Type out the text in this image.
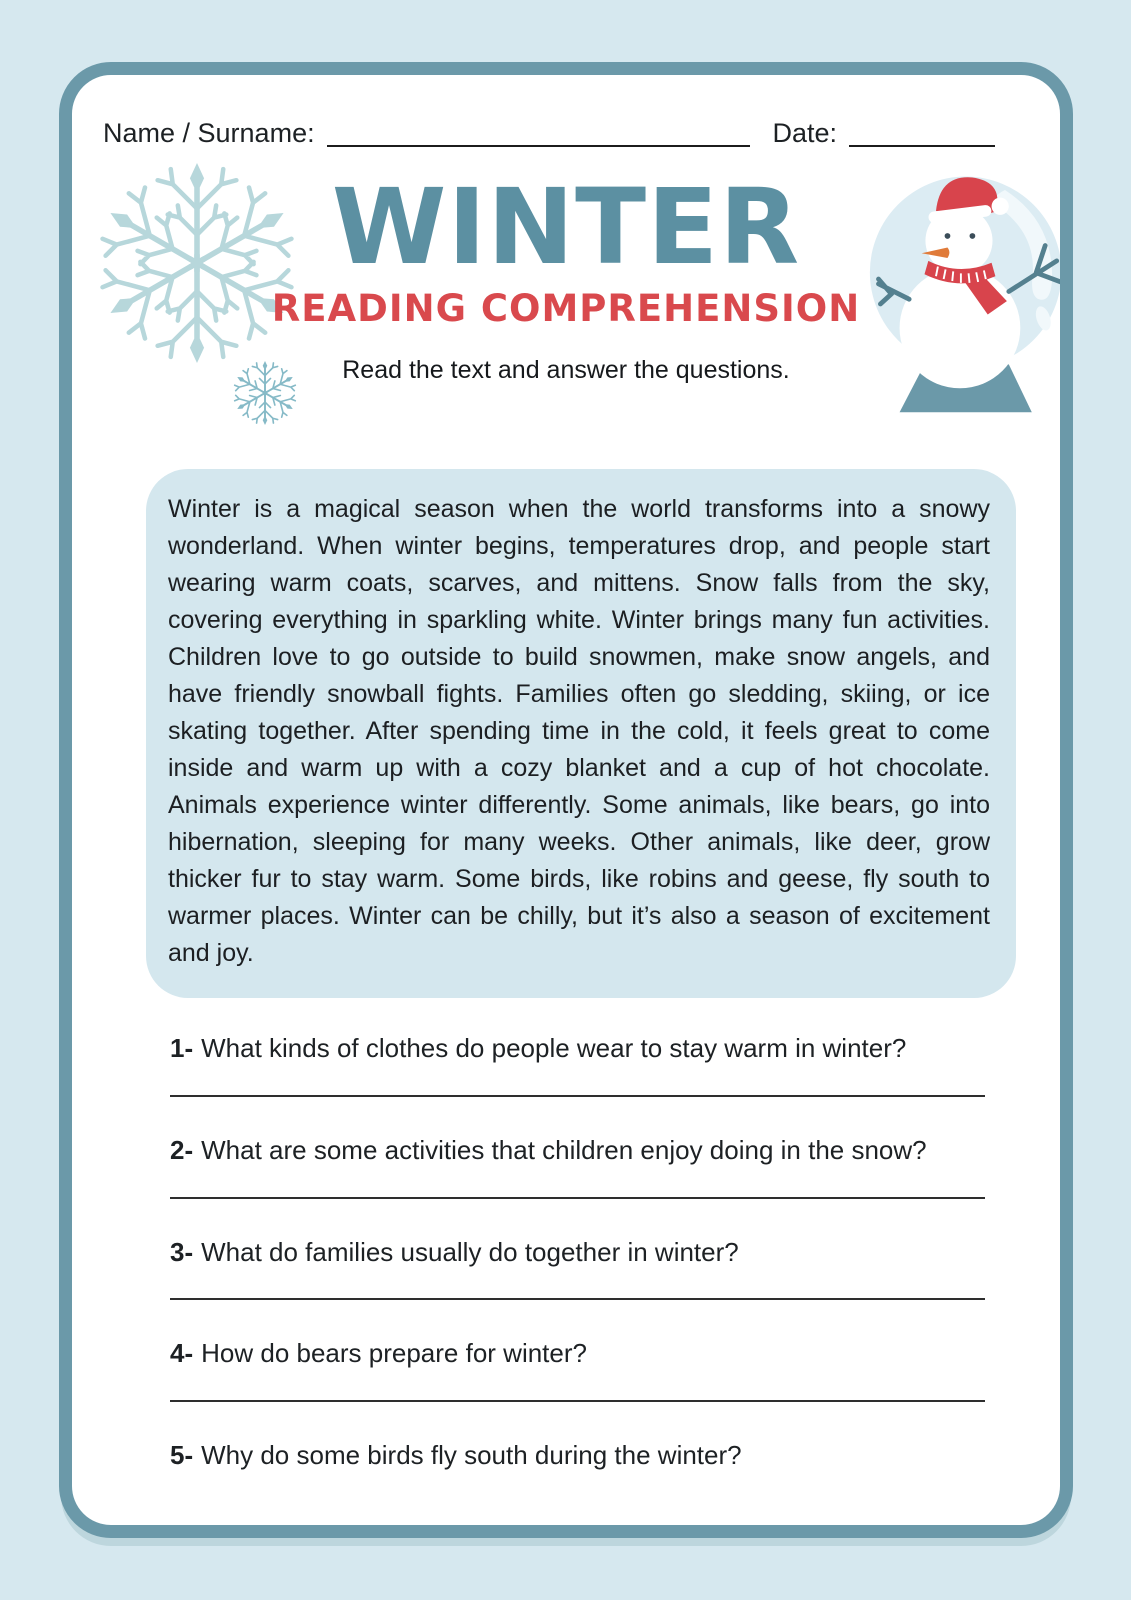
Name / Surname:	Date:
WINTER
READING COMPREHENSION
Read the text and answer the questions.
Winter is a magical season when the world transforms into a snowy wonderland. When winter begins, temperatures drop, and people start wearing warm coats, scarves, and mittens. Snow falls from the sky, covering everything in sparkling white. Winter brings many fun activities. Children love to go outside to build snowmen, make snow angels, and have friendly snowball fights. Families often go sledding, skiing, or ice skating together. After spending time in the cold, it feels great to come inside and warm up with a cozy blanket and a cup of hot chocolate. Animals experience winter differently. Some animals, like bears, go into hibernation, sleeping for many weeks. Other animals, like deer, grow thicker fur to stay warm. Some birds, like robins and geese, fly south to warmer places. Winter can be chilly, but it’s also a season of excitement and joy.
1- What kinds of clothes do people wear to stay warm in winter?
2- What are some activities that children enjoy doing in the snow?
3- What do families usually do together in winter?
4- How do bears prepare for winter?
5- Why do some birds fly south during the winter?
